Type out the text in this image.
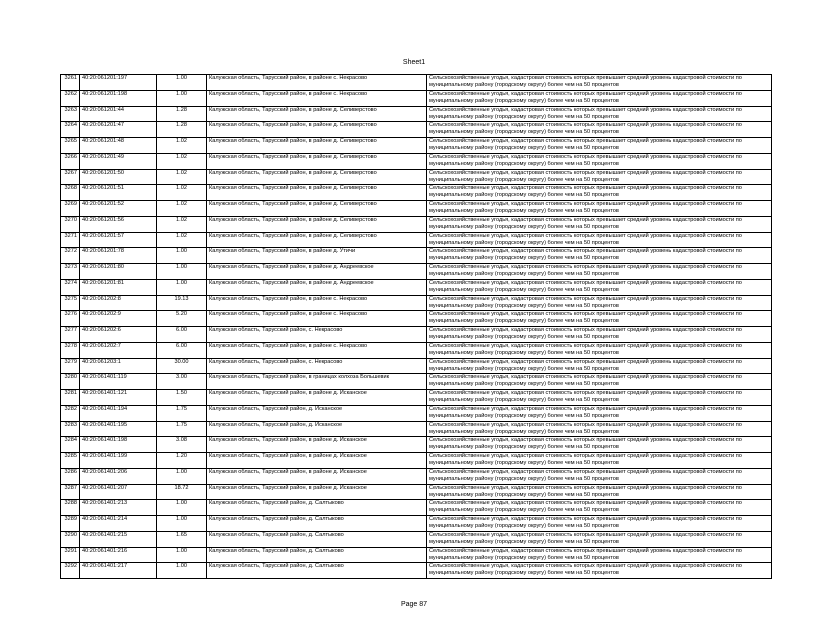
Sheet1
3261	40:20:061201:197	1.00	Калужская область, Тарусский район, в районе с. Некрасово	Сельскохозяйственные угодья, кадастровая стоимость которых превышает средний уровень кадастровой стоимости по
муниципальному району (городскому округу) более чем на 50 процентов

3262	40:20:061201:198	1.00	Калужская область, Тарусский район, в районе с. Некрасово	Сельскохозяйственные угодья, кадастровая стоимость которых превышает средний уровень кадастровой стоимости по
муниципальному району (городскому округу) более чем на 50 процентов

3263	40:20:061201:44	1.28	Калужская область, Тарусский район, в районе д. Селиверстово	Сельскохозяйственные угодья, кадастровая стоимость которых превышает средний уровень кадастровой стоимости по
муниципальному району (городскому округу) более чем на 50 процентов

3264	40:20:061201:47	1.28	Калужская область, Тарусский район, в районе д. Селиверстово	Сельскохозяйственные угодья, кадастровая стоимость которых превышает средний уровень кадастровой стоимости по
муниципальному району (городскому округу) более чем на 50 процентов

3265	40:20:061201:48	1.02	Калужская область, Тарусский район, в районе д. Селиверстово	Сельскохозяйственные угодья, кадастровая стоимость которых превышает средний уровень кадастровой стоимости по
муниципальному району (городскому округу) более чем на 50 процентов

3266	40:20:061201:49	1.02	Калужская область, Тарусский район, в районе д. Селиверстово	Сельскохозяйственные угодья, кадастровая стоимость которых превышает средний уровень кадастровой стоимости по
муниципальному району (городскому округу) более чем на 50 процентов

3267	40:20:061201:50	1.02	Калужская область, Тарусский район, в районе д. Селиверстово	Сельскохозяйственные угодья, кадастровая стоимость которых превышает средний уровень кадастровой стоимости по
муниципальному району (городскому округу) более чем на 50 процентов

3268	40:20:061201:51	1.02	Калужская область, Тарусский район, в районе д. Селиверстово	Сельскохозяйственные угодья, кадастровая стоимость которых превышает средний уровень кадастровой стоимости по
муниципальному району (городскому округу) более чем на 50 процентов

3269	40:20:061201:52	1.02	Калужская область, Тарусский район, в районе д. Селиверстово	Сельскохозяйственные угодья, кадастровая стоимость которых превышает средний уровень кадастровой стоимости по
муниципальному району (городскому округу) более чем на 50 процентов

3270	40:20:061201:56	1.02	Калужская область, Тарусский район, в районе д. Селиверстово	Сельскохозяйственные угодья, кадастровая стоимость которых превышает средний уровень кадастровой стоимости по
муниципальному району (городскому округу) более чем на 50 процентов

3271	40:20:061201:57	1.02	Калужская область, Тарусский район, в районе д. Селиверстово	Сельскохозяйственные угодья, кадастровая стоимость которых превышает средний уровень кадастровой стоимости по
муниципальному району (городскому округу) более чем на 50 процентов

3272	40:20:061201:78	1.00	Калужская область, Тарусский район, в районе д. Утичи	Сельскохозяйственные угодья, кадастровая стоимость которых превышает средний уровень кадастровой стоимости по
муниципальному району (городскому округу) более чем на 50 процентов

3273	40:20:061201:80	1.00	Калужская область, Тарусский район, в районе д. Андреевское	Сельскохозяйственные угодья, кадастровая стоимость которых превышает средний уровень кадастровой стоимости по
муниципальному району (городскому округу) более чем на 50 процентов

3274	40:20:061201:81	1.00	Калужская область, Тарусский район, в районе д. Андреевское	Сельскохозяйственные угодья, кадастровая стоимость которых превышает средний уровень кадастровой стоимости по
муниципальному району (городскому округу) более чем на 50 процентов

3275	40:20:061202:8	19.13	Калужская область, Тарусский район, в районе с. Некрасово	Сельскохозяйственные угодья, кадастровая стоимость которых превышает средний уровень кадастровой стоимости по
муниципальному району (городскому округу) более чем на 50 процентов

3276	40:20:061202:9	5.20	Калужская область, Тарусский район, в районе с. Некрасово	Сельскохозяйственные угодья, кадастровая стоимость которых превышает средний уровень кадастровой стоимости по
муниципальному району (городскому округу) более чем на 50 процентов

3277	40:20:061202:6	6.00	Калужская область, Тарусский район, с. Некрасово	Сельскохозяйственные угодья, кадастровая стоимость которых превышает средний уровень кадастровой стоимости по
муниципальному району (городскому округу) более чем на 50 процентов

3278	40:20:061202:7	6.00	Калужская область, Тарусский район, в районе с. Некрасово	Сельскохозяйственные угодья, кадастровая стоимость которых превышает средний уровень кадастровой стоимости по
муниципальному району (городскому округу) более чем на 50 процентов

3279	40:20:061203:1	30.00	Калужская область, Тарусский район, с. Некрасово	Сельскохозяйственные угодья, кадастровая стоимость которых превышает средний уровень кадастровой стоимости по
муниципальному району (городскому округу) более чем на 50 процентов

3280	40:20:061401:119	3.00	Калужская область, Тарусский район, в границах колхоза Большевик	Сельскохозяйственные угодья, кадастровая стоимость которых превышает средний уровень кадастровой стоимости по
муниципальному району (городскому округу) более чем на 50 процентов

3281	40:20:061401:121	1.50	Калужская область, Тарусский район, в районе д. Исканское	Сельскохозяйственные угодья, кадастровая стоимость которых превышает средний уровень кадастровой стоимости по
муниципальному району (городскому округу) более чем на 50 процентов

3282	40:20:061401:194	1.75	Калужская область, Тарусский район, д. Исканское	Сельскохозяйственные угодья, кадастровая стоимость которых превышает средний уровень кадастровой стоимости по
муниципальному району (городскому округу) более чем на 50 процентов

3283	40:20:061401:195	1.75	Калужская область, Тарусский район, д. Исканское	Сельскохозяйственные угодья, кадастровая стоимость которых превышает средний уровень кадастровой стоимости по
муниципальному району (городскому округу) более чем на 50 процентов

3284	40:20:061401:198	3.08	Калужская область, Тарусский район, в районе д. Исканское	Сельскохозяйственные угодья, кадастровая стоимость которых превышает средний уровень кадастровой стоимости по
муниципальному району (городскому округу) более чем на 50 процентов

3285	40:20:061401:199	1.20	Калужская область, Тарусский район, в районе д. Исканское	Сельскохозяйственные угодья, кадастровая стоимость которых превышает средний уровень кадастровой стоимости по
муниципальному району (городскому округу) более чем на 50 процентов

3286	40:20:061401:206	1.00	Калужская область, Тарусский район, в районе д. Исканское	Сельскохозяйственные угодья, кадастровая стоимость которых превышает средний уровень кадастровой стоимости по
муниципальному району (городскому округу) более чем на 50 процентов

3287	40:20:061401:207	18.72	Калужская область, Тарусский район, в районе д. Исканское	Сельскохозяйственные угодья, кадастровая стоимость которых превышает средний уровень кадастровой стоимости по
муниципальному району (городскому округу) более чем на 50 процентов

3288	40:20:061401:213	1.00	Калужская область, Тарусский район, д. Салтыково	Сельскохозяйственные угодья, кадастровая стоимость которых превышает средний уровень кадастровой стоимости по
муниципальному району (городскому округу) более чем на 50 процентов

3289	40:20:061401:214	1.00	Калужская область, Тарусский район, д. Салтыково	Сельскохозяйственные угодья, кадастровая стоимость которых превышает средний уровень кадастровой стоимости по
муниципальному району (городскому округу) более чем на 50 процентов

3290	40:20:061401:215	1.65	Калужская область, Тарусский район, д. Салтыково	Сельскохозяйственные угодья, кадастровая стоимость которых превышает средний уровень кадастровой стоимости по
муниципальному району (городскому округу) более чем на 50 процентов

3291	40:20:061401:216	1.00	Калужская область, Тарусский район, д. Салтыково	Сельскохозяйственные угодья, кадастровая стоимость которых превышает средний уровень кадастровой стоимости по
муниципальному району (городскому округу) более чем на 50 процентов

3292	40:20:061401:217	1.00	Калужская область, Тарусский район, д. Салтыково	Сельскохозяйственные угодья, кадастровая стоимость которых превышает средний уровень кадастровой стоимости по
муниципальному району (городскому округу) более чем на 50 процентов
Page 87
